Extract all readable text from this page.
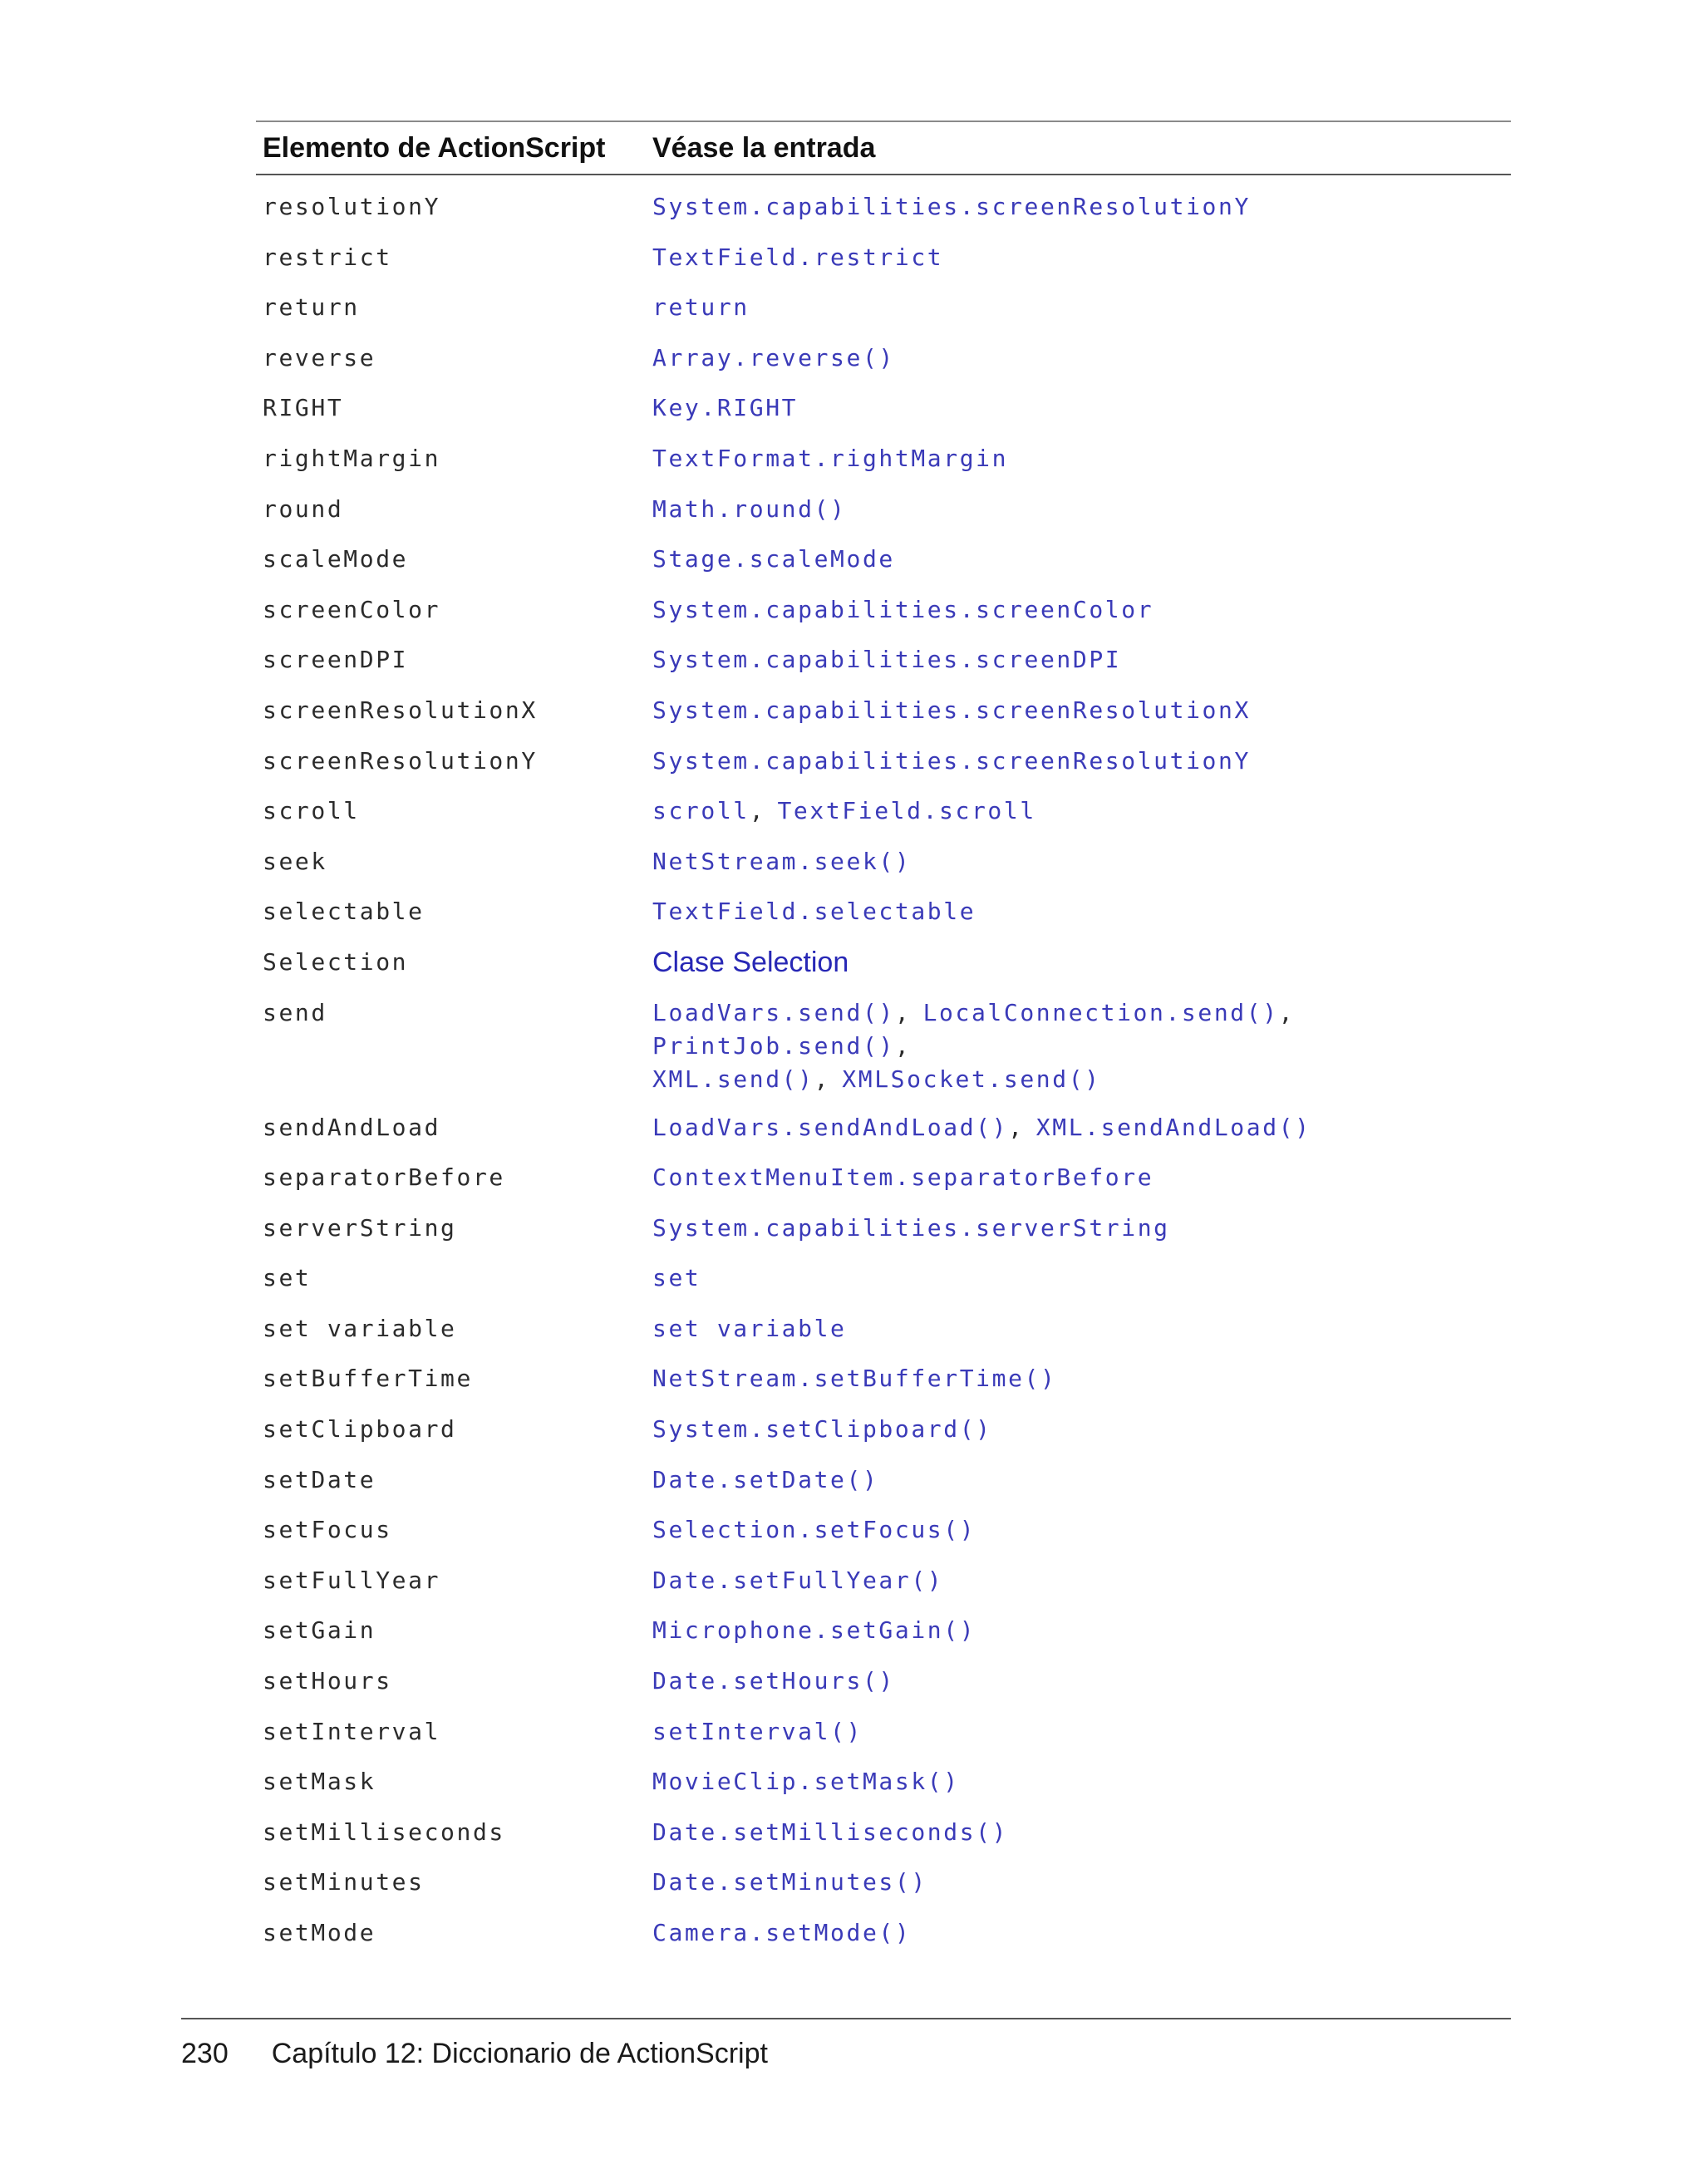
Elemento de ActionScript	Véase la entrada
resolutionY	System.capabilities.screenResolutionY
restrict	TextField.restrict
return	return
reverse	Array.reverse()
RIGHT	Key.RIGHT
rightMargin	TextFormat.rightMargin
round	Math.round()
scaleMode	Stage.scaleMode
screenColor	System.capabilities.screenColor
screenDPI	System.capabilities.screenDPI
screenResolutionX	System.capabilities.screenResolutionX
screenResolutionY	System.capabilities.screenResolutionY
scroll	scroll, TextField.scroll
seek	NetStream.seek()
selectable	TextField.selectable
Selection	Clase Selection
send	LoadVars.send(), LocalConnection.send(), PrintJob.send(),
XML.send(), XMLSocket.send()
sendAndLoad	LoadVars.sendAndLoad(), XML.sendAndLoad()
separatorBefore	ContextMenuItem.separatorBefore
serverString	System.capabilities.serverString
set	set
set variable	set variable
setBufferTime	NetStream.setBufferTime()
setClipboard	System.setClipboard()
setDate	Date.setDate()
setFocus	Selection.setFocus()
setFullYear	Date.setFullYear()
setGain	Microphone.setGain()
setHours	Date.setHours()
setInterval	setInterval()
setMask	MovieClip.setMask()
setMilliseconds	Date.setMilliseconds()
setMinutes	Date.setMinutes()
setMode	Camera.setMode()
230 Capítulo 12: Diccionario de ActionScript
